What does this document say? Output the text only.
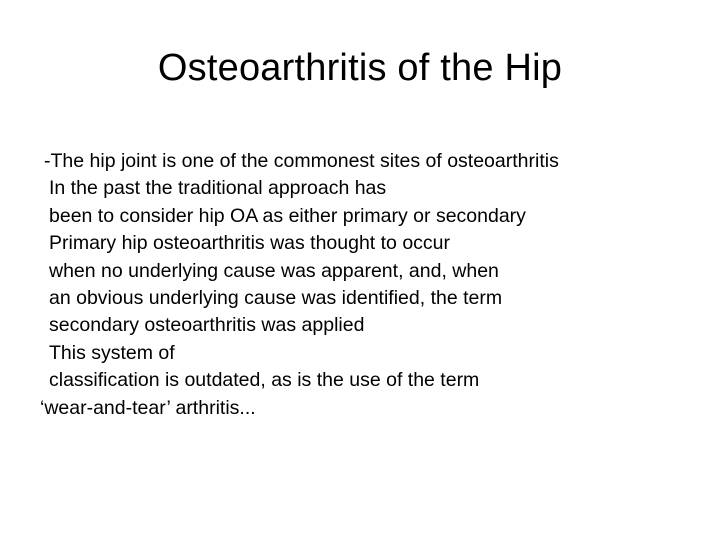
Osteoarthritis of the Hip
-The hip joint is one of the commonest sites of osteoarthritis
In the past the traditional approach has
been to consider hip OA as either primary or secondary
Primary hip osteoarthritis was thought to occur
when no underlying cause was apparent, and, when
an obvious underlying cause was identified, the term
secondary osteoarthritis was applied
This system of
classification is outdated, as is the use of the term
‘wear-and-tear’ arthritis...
